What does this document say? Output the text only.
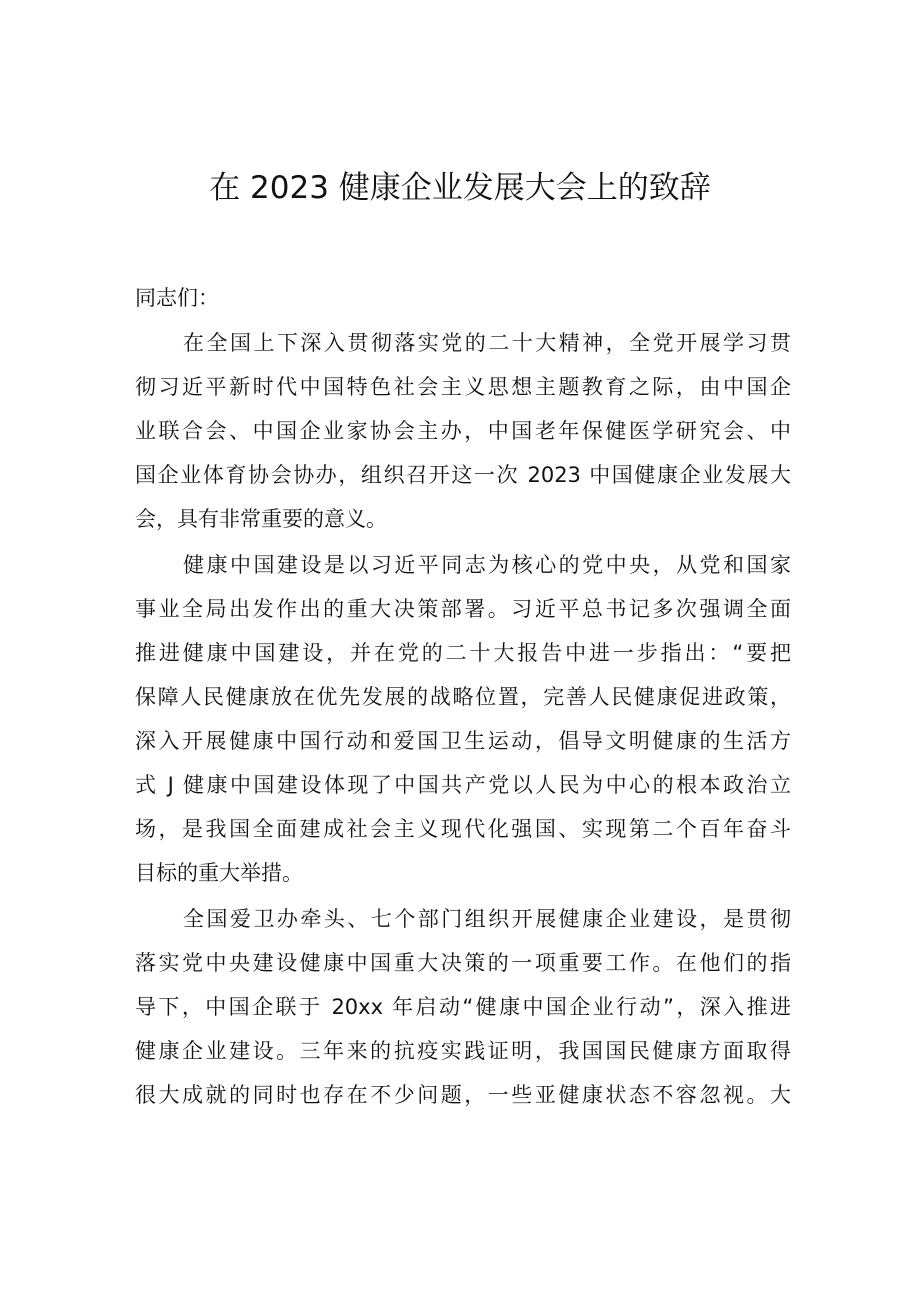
在 2023 健康企业发展大会上的致辞

同志们：

在全国上下深入贯彻落实党的二十大精神，全党开展学习贯
彻习近平新时代中国特色社会主义思想主题教育之际，由中国企
业联合会、中国企业家协会主办，中国老年保健医学研究会、中
国企业体育协会协办，组织召开这一次 2023 中国健康企业发展大
会，具有非常重要的意义。
健康中国建设是以习近平同志为核心的党中央，从党和国家
事业全局出发作出的重大决策部署。习近平总书记多次强调全面
推进健康中国建设，并在党的二十大报告中进一步指出：“要把
保障人民健康放在优先发展的战略位置，完善人民健康促进政策，
深入开展健康中国行动和爱国卫生运动，倡导文明健康的生活方
式 J 健康中国建设体现了中国共产党以人民为中心的根本政治立
场，是我国全面建成社会主义现代化强国、实现第二个百年奋斗
目标的重大举措。
全国爱卫办牵头、七个部门组织开展健康企业建设，是贯彻
落实党中央建设健康中国重大决策的一项重要工作。在他们的指
导下，中国企联于 20xx 年启动“健康中国企业行动”，深入推进
健康企业建设。三年来的抗疫实践证明，我国国民健康方面取得
很大成就的同时也存在不少问题，一些亚健康状态不容忽视。大
